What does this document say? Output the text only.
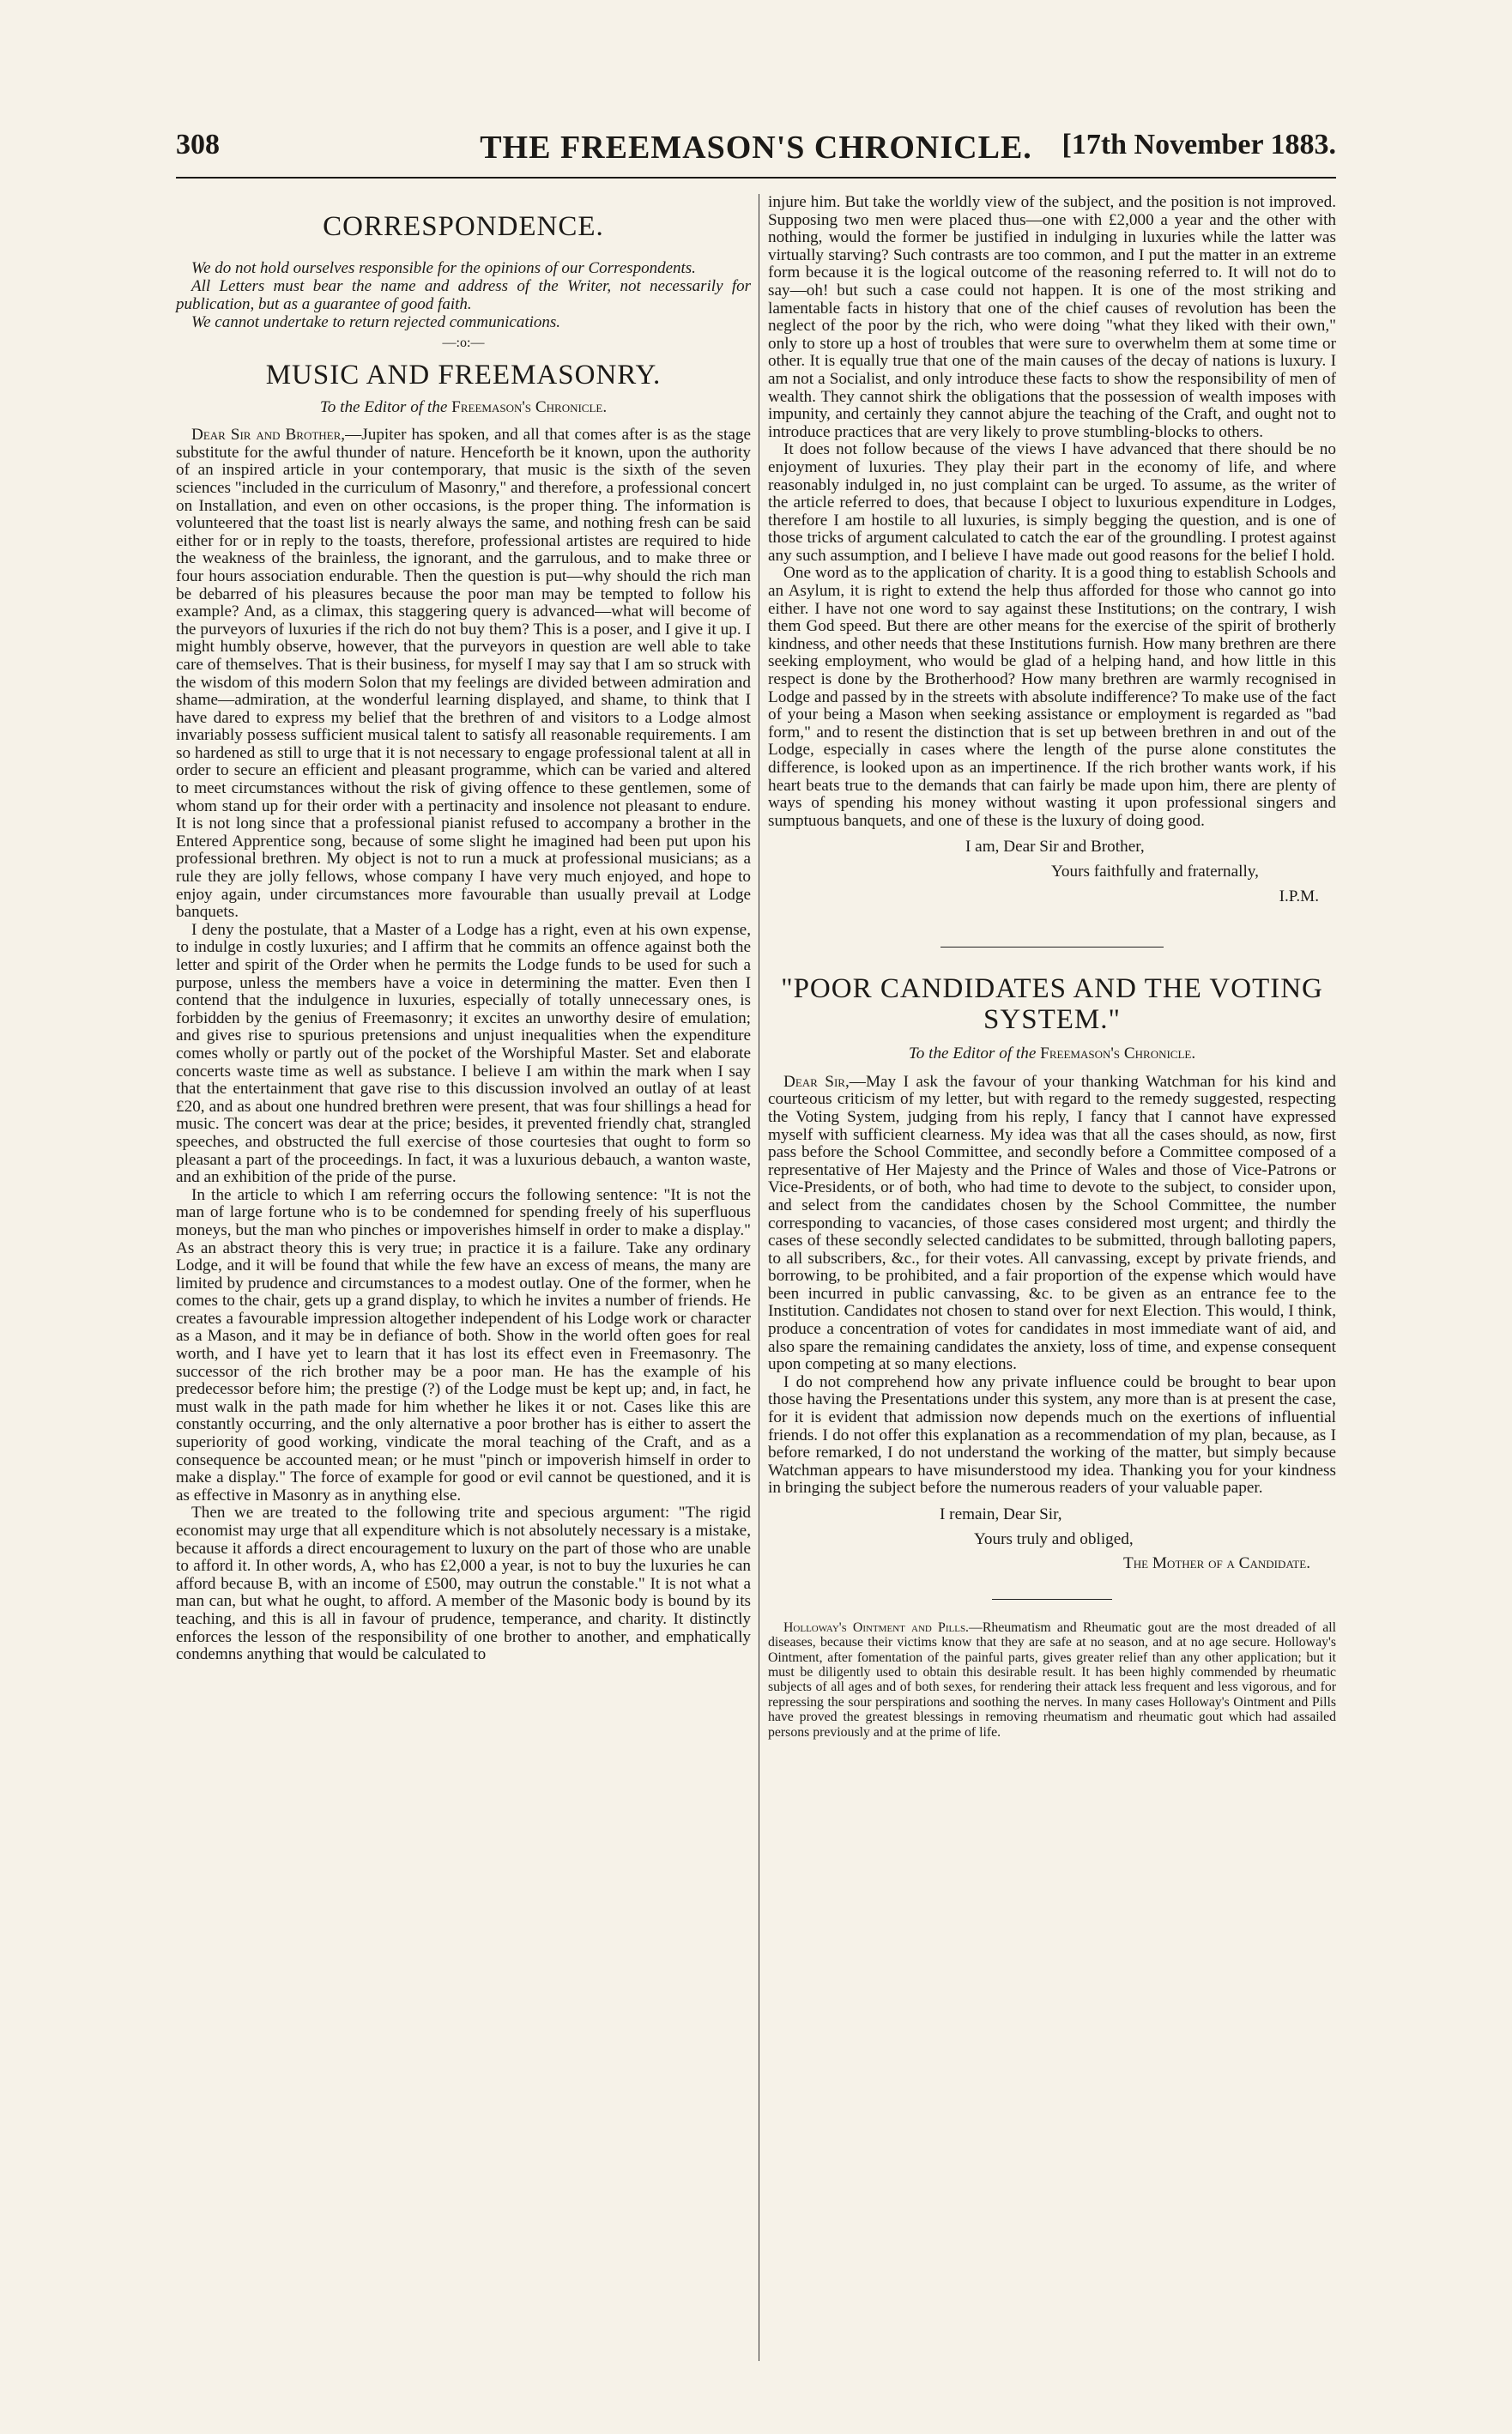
308	THE FREEMASON'S CHRONICLE.	[17th November 1883.
CORRESPONDENCE.

We do not hold ourselves responsible for the opinions of our Correspondents.

All Letters must bear the name and address of the Writer, not necessarily for publication, but as a guarantee of good faith.

We cannot undertake to return rejected communications.

—:o:—
MUSIC AND FREEMASONRY.
To the Editor of the Freemason's Chronicle.

Dear Sir and Brother,—Jupiter has spoken, and all that comes after is as the stage substitute for the awful thunder of nature. Henceforth be it known, upon the authority of an inspired article in your contemporary, that music is the sixth of the seven sciences "included in the curriculum of Masonry," and therefore, a professional concert on Installation, and even on other occasions, is the proper thing. The information is volunteered that the toast list is nearly always the same, and nothing fresh can be said either for or in reply to the toasts, therefore, professional artistes are required to hide the weakness of the brainless, the ignorant, and the garrulous, and to make three or four hours association endurable. Then the question is put—why should the rich man be debarred of his pleasures because the poor man may be tempted to follow his example? And, as a climax, this staggering query is advanced—what will become of the purveyors of luxuries if the rich do not buy them? This is a poser, and I give it up. I might humbly observe, however, that the purveyors in question are well able to take care of themselves. That is their business, for myself I may say that I am so struck with the wisdom of this modern Solon that my feelings are divided between admiration and shame—admiration, at the wonderful learning displayed, and shame, to think that I have dared to express my belief that the brethren of and visitors to a Lodge almost invariably possess sufficient musical talent to satisfy all reasonable requirements. I am so hardened as still to urge that it is not necessary to engage professional talent at all in order to secure an efficient and pleasant programme, which can be varied and altered to meet circumstances without the risk of giving offence to these gentlemen, some of whom stand up for their order with a pertinacity and insolence not pleasant to endure. It is not long since that a professional pianist refused to accompany a brother in the Entered Apprentice song, because of some slight he imagined had been put upon his professional brethren. My object is not to run a muck at professional musicians; as a rule they are jolly fellows, whose company I have very much enjoyed, and hope to enjoy again, under circumstances more favourable than usually prevail at Lodge banquets.

I deny the postulate, that a Master of a Lodge has a right, even at his own expense, to indulge in costly luxuries; and I affirm that he commits an offence against both the letter and spirit of the Order when he permits the Lodge funds to be used for such a purpose, unless the members have a voice in determining the matter. Even then I contend that the indulgence in luxuries, especially of totally unnecessary ones, is forbidden by the genius of Freemasonry; it excites an unworthy desire of emulation; and gives rise to spurious pretensions and unjust inequalities when the expenditure comes wholly or partly out of the pocket of the Worshipful Master. Set and elaborate concerts waste time as well as substance. I believe I am within the mark when I say that the entertainment that gave rise to this discussion involved an outlay of at least £20, and as about one hundred brethren were present, that was four shillings a head for music. The concert was dear at the price; besides, it prevented friendly chat, strangled speeches, and obstructed the full exercise of those courtesies that ought to form so pleasant a part of the proceedings. In fact, it was a luxurious debauch, a wanton waste, and an exhibition of the pride of the purse.

In the article to which I am referring occurs the following sentence: "It is not the man of large fortune who is to be condemned for spending freely of his superfluous moneys, but the man who pinches or impoverishes himself in order to make a display." As an abstract theory this is very true; in practice it is a failure. Take any ordinary Lodge, and it will be found that while the few have an excess of means, the many are limited by prudence and circumstances to a modest outlay. One of the former, when he comes to the chair, gets up a grand display, to which he invites a number of friends. He creates a favourable impression altogether independent of his Lodge work or character as a Mason, and it may be in defiance of both. Show in the world often goes for real worth, and I have yet to learn that it has lost its effect even in Freemasonry. The successor of the rich brother may be a poor man. He has the example of his predecessor before him; the prestige (?) of the Lodge must be kept up; and, in fact, he must walk in the path made for him whether he likes it or not. Cases like this are constantly occurring, and the only alternative a poor brother has is either to assert the superiority of good working, vindicate the moral teaching of the Craft, and as a consequence be accounted mean; or he must "pinch or impoverish himself in order to make a display." The force of example for good or evil cannot be questioned, and it is as effective in Masonry as in anything else.

Then we are treated to the following trite and specious argument: "The rigid economist may urge that all expenditure which is not absolutely necessary is a mistake, because it affords a direct encouragement to luxury on the part of those who are unable to afford it. In other words, A, who has £2,000 a year, is not to buy the luxuries he can afford because B, with an income of £500, may outrun the constable." It is not what a man can, but what he ought, to afford. A member of the Masonic body is bound by its teaching, and this is all in favour of prudence, temperance, and charity. It distinctly enforces the lesson of the responsibility of one brother to another, and emphatically condemns anything that would be calculated to

injure him. But take the worldly view of the subject, and the position is not improved. Supposing two men were placed thus—one with £2,000 a year and the other with nothing, would the former be justified in indulging in luxuries while the latter was virtually starving? Such contrasts are too common, and I put the matter in an extreme form because it is the logical outcome of the reasoning referred to. It will not do to say—oh! but such a case could not happen. It is one of the most striking and lamentable facts in history that one of the chief causes of revolution has been the neglect of the poor by the rich, who were doing "what they liked with their own," only to store up a host of troubles that were sure to overwhelm them at some time or other. It is equally true that one of the main causes of the decay of nations is luxury. I am not a Socialist, and only introduce these facts to show the responsibility of men of wealth. They cannot shirk the obligations that the possession of wealth imposes with impunity, and certainly they cannot abjure the teaching of the Craft, and ought not to introduce practices that are very likely to prove stumbling-blocks to others.

It does not follow because of the views I have advanced that there should be no enjoyment of luxuries. They play their part in the economy of life, and where reasonably indulged in, no just complaint can be urged. To assume, as the writer of the article referred to does, that because I object to luxurious expenditure in Lodges, therefore I am hostile to all luxuries, is simply begging the question, and is one of those tricks of argument calculated to catch the ear of the groundling. I protest against any such assumption, and I believe I have made out good reasons for the belief I hold.

One word as to the application of charity. It is a good thing to establish Schools and an Asylum, it is right to extend the help thus afforded for those who cannot go into either. I have not one word to say against these Institutions; on the contrary, I wish them God speed. But there are other means for the exercise of the spirit of brotherly kindness, and other needs that these Institutions furnish. How many brethren are there seeking employment, who would be glad of a helping hand, and how little in this respect is done by the Brotherhood? How many brethren are warmly recognised in Lodge and passed by in the streets with absolute indifference? To make use of the fact of your being a Mason when seeking assistance or employment is regarded as "bad form," and to resent the distinction that is set up between brethren in and out of the Lodge, especially in cases where the length of the purse alone constitutes the difference, is looked upon as an impertinence. If the rich brother wants work, if his heart beats true to the demands that can fairly be made upon him, there are plenty of ways of spending his money without wasting it upon professional singers and sumptuous banquets, and one of these is the luxury of doing good.

I am, Dear Sir and Brother,

Yours faithfully and fraternally,

I.P.M.

"POOR CANDIDATES AND THE VOTING SYSTEM."
To the Editor of the Freemason's Chronicle.

Dear Sir,—May I ask the favour of your thanking Watchman for his kind and courteous criticism of my letter, but with regard to the remedy suggested, respecting the Voting System, judging from his reply, I fancy that I cannot have expressed myself with sufficient clearness. My idea was that all the cases should, as now, first pass before the School Committee, and secondly before a Committee composed of a representative of Her Majesty and the Prince of Wales and those of Vice-Patrons or Vice-Presidents, or of both, who had time to devote to the subject, to consider upon, and select from the candidates chosen by the School Committee, the number corresponding to vacancies, of those cases considered most urgent; and thirdly the cases of these secondly selected candidates to be submitted, through balloting papers, to all subscribers, &c., for their votes. All canvassing, except by private friends, and borrowing, to be prohibited, and a fair proportion of the expense which would have been incurred in public canvassing, &c. to be given as an entrance fee to the Institution. Candidates not chosen to stand over for next Election. This would, I think, produce a concentration of votes for candidates in most immediate want of aid, and also spare the remaining candidates the anxiety, loss of time, and expense consequent upon competing at so many elections.

I do not comprehend how any private influence could be brought to bear upon those having the Presentations under this system, any more than is at present the case, for it is evident that admission now depends much on the exertions of influential friends. I do not offer this explanation as a recommendation of my plan, because, as I before remarked, I do not understand the working of the matter, but simply because Watchman appears to have misunderstood my idea. Thanking you for your kindness in bringing the subject before the numerous readers of your valuable paper.

I remain, Dear Sir,

Yours truly and obliged,

The Mother of a Candidate.

Holloway's Ointment and Pills.—Rheumatism and Rheumatic gout are the most dreaded of all diseases, because their victims know that they are safe at no season, and at no age secure. Holloway's Ointment, after fomentation of the painful parts, gives greater relief than any other application; but it must be diligently used to obtain this desirable result. It has been highly commended by rheumatic subjects of all ages and of both sexes, for rendering their attack less frequent and less vigorous, and for repressing the sour perspirations and soothing the nerves. In many cases Holloway's Ointment and Pills have proved the greatest blessings in removing rheumatism and rheumatic gout which had assailed persons previously and at the prime of life.
